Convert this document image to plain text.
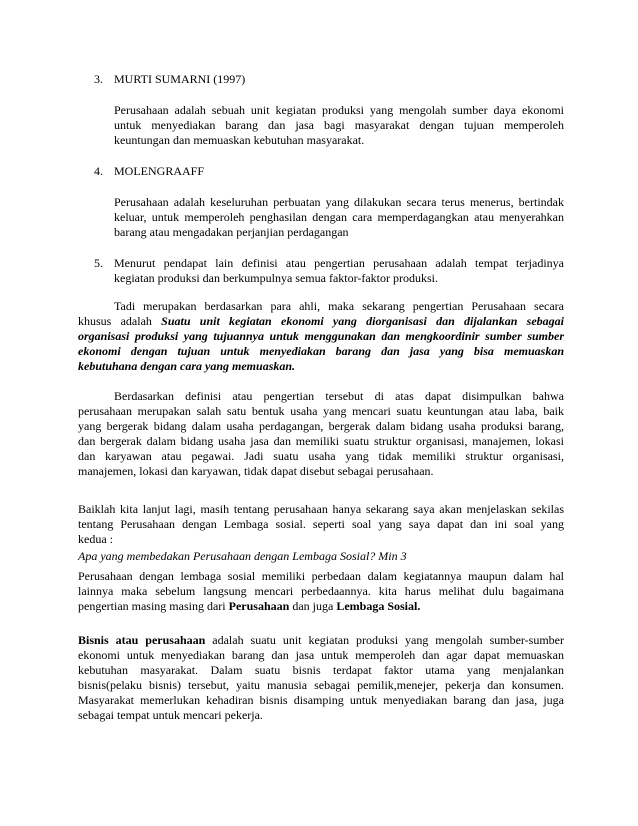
3. MURTI SUMARNI (1997)
Perusahaan adalah sebuah unit kegiatan produksi yang mengolah sumber daya ekonomi
untuk menyediakan barang dan jasa bagi masyarakat dengan tujuan memperoleh
keuntungan dan memuaskan kebutuhan masyarakat.
4. MOLENGRAAFF
Perusahaan adalah keseluruhan perbuatan yang dilakukan secara terus menerus, bertindak
keluar, untuk memperoleh penghasilan dengan cara memperdagangkan atau menyerahkan
barang atau mengadakan perjanjian perdagangan
5. Menurut pendapat lain definisi atau pengertian perusahaan adalah tempat terjadinya
kegiatan produksi dan berkumpulnya semua faktor-faktor produksi.
Tadi merupakan berdasarkan para ahli, maka sekarang pengertian Perusahaan secara
khusus adalah Suatu unit kegiatan ekonomi yang diorganisasi dan dijalankan sebagai
organisasi produksi yang tujuannya untuk menggunakan dan mengkoordinir sumber sumber
ekonomi dengan tujuan untuk menyediakan barang dan jasa yang bisa memuaskan
kebutuhana dengan cara yang memuaskan.
Berdasarkan definisi atau pengertian tersebut di atas dapat disimpulkan bahwa
perusahaan merupakan salah satu bentuk usaha yang mencari suatu keuntungan atau laba, baik
yang bergerak bidang dalam usaha perdagangan, bergerak dalam bidang usaha produksi barang,
dan bergerak dalam bidang usaha jasa dan memiliki suatu struktur organisasi, manajemen, lokasi
dan karyawan atau pegawai. Jadi suatu usaha yang tidak memiliki struktur organisasi,
manajemen, lokasi dan karyawan, tidak dapat disebut sebagai perusahaan.
Baiklah kita lanjut lagi, masih tentang perusahaan hanya sekarang saya akan menjelaskan sekilas
tentang Perusahaan dengan Lembaga sosial. seperti soal yang saya dapat dan ini soal yang
kedua :
Apa yang membedakan Perusahaan dengan Lembaga Sosial? Min 3
Perusahaan dengan lembaga sosial memiliki perbedaan dalam kegiatannya maupun dalam hal
lainnya maka sebelum langsung mencari perbedaannya. kita harus melihat dulu bagaimana
pengertian masing masing dari Perusahaan dan juga Lembaga Sosial.
Bisnis atau perusahaan adalah suatu unit kegiatan produksi yang mengolah sumber-sumber
ekonomi untuk menyediakan barang dan jasa untuk memperoleh dan agar dapat memuaskan
kebutuhan masyarakat. Dalam suatu bisnis terdapat faktor utama yang menjalankan
bisnis(pelaku bisnis) tersebut, yaitu manusia sebagai pemilik,menejer, pekerja dan konsumen.
Masyarakat memerlukan kehadiran bisnis disamping untuk menyediakan barang dan jasa, juga
sebagai tempat untuk mencari pekerja.
